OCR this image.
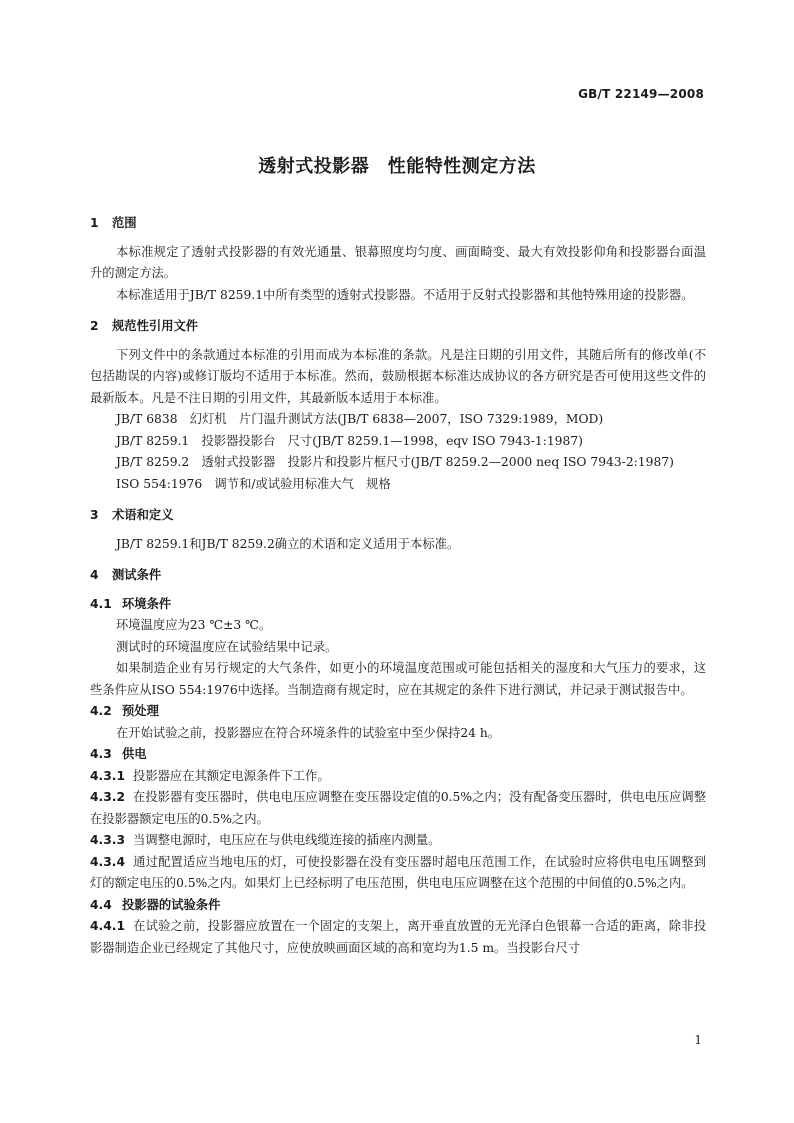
GB/T 22149—2008
透射式投影器　性能特性测定方法
1 范围

本标准规定了透射式投影器的有效光通量、银幕照度均匀度、画面畸变、最大有效投影仰角和投影器台面温升的测定方法。

本标准适用于JB/T 8259.1中所有类型的透射式投影器。不适用于反射式投影器和其他特殊用途的投影器。

2 规范性引用文件

下列文件中的条款通过本标准的引用而成为本标准的条款。凡是注日期的引用文件，其随后所有的修改单(不包括勘误的内容)或修订版均不适用于本标准。然而，鼓励根据本标准达成协议的各方研究是否可使用这些文件的最新版本。凡是不注日期的引用文件，其最新版本适用于本标准。

JB/T 6838　幻灯机　片门温升测试方法(JB/T 6838—2007，ISO 7329:1989，MOD)

JB/T 8259.1　投影器投影台　尺寸(JB/T 8259.1—1998，eqv ISO 7943-1:1987)

JB/T 8259.2　透射式投影器　投影片和投影片框尺寸(JB/T 8259.2—2000 neq ISO 7943-2:1987)

ISO 554:1976　调节和/或试验用标准大气　规格

3 术语和定义

JB/T 8259.1和JB/T 8259.2确立的术语和定义适用于本标准。

4 测试条件
4.1 环境条件

环境温度应为23 ℃±3 ℃。

测试时的环境温度应在试验结果中记录。

如果制造企业有另行规定的大气条件，如更小的环境温度范围或可能包括相关的湿度和大气压力的要求，这些条件应从ISO 554:1976中选择。当制造商有规定时，应在其规定的条件下进行测试，并记录于测试报告中。

4.2 预处理

在开始试验之前，投影器应在符合环境条件的试验室中至少保持24 h。

4.3 供电

4.3.1 投影器应在其额定电源条件下工作。

4.3.2 在投影器有变压器时，供电电压应调整在变压器设定值的0.5%之内；没有配备变压器时，供电电压应调整在投影器额定电压的0.5%之内。

4.3.3 当调整电源时，电压应在与供电线缆连接的插座内测量。

4.3.4 通过配置适应当地电压的灯，可使投影器在没有变压器时超电压范围工作，在试验时应将供电电压调整到灯的额定电压的0.5%之内。如果灯上已经标明了电压范围，供电电压应调整在这个范围的中间值的0.5%之内。

4.4 投影器的试验条件

4.4.1 在试验之前，投影器应放置在一个固定的支架上，离开垂直放置的无光泽白色银幕一合适的距离，除非投影器制造企业已经规定了其他尺寸，应使放映画面区域的高和宽均为1.5 m。当投影台尺寸

1
